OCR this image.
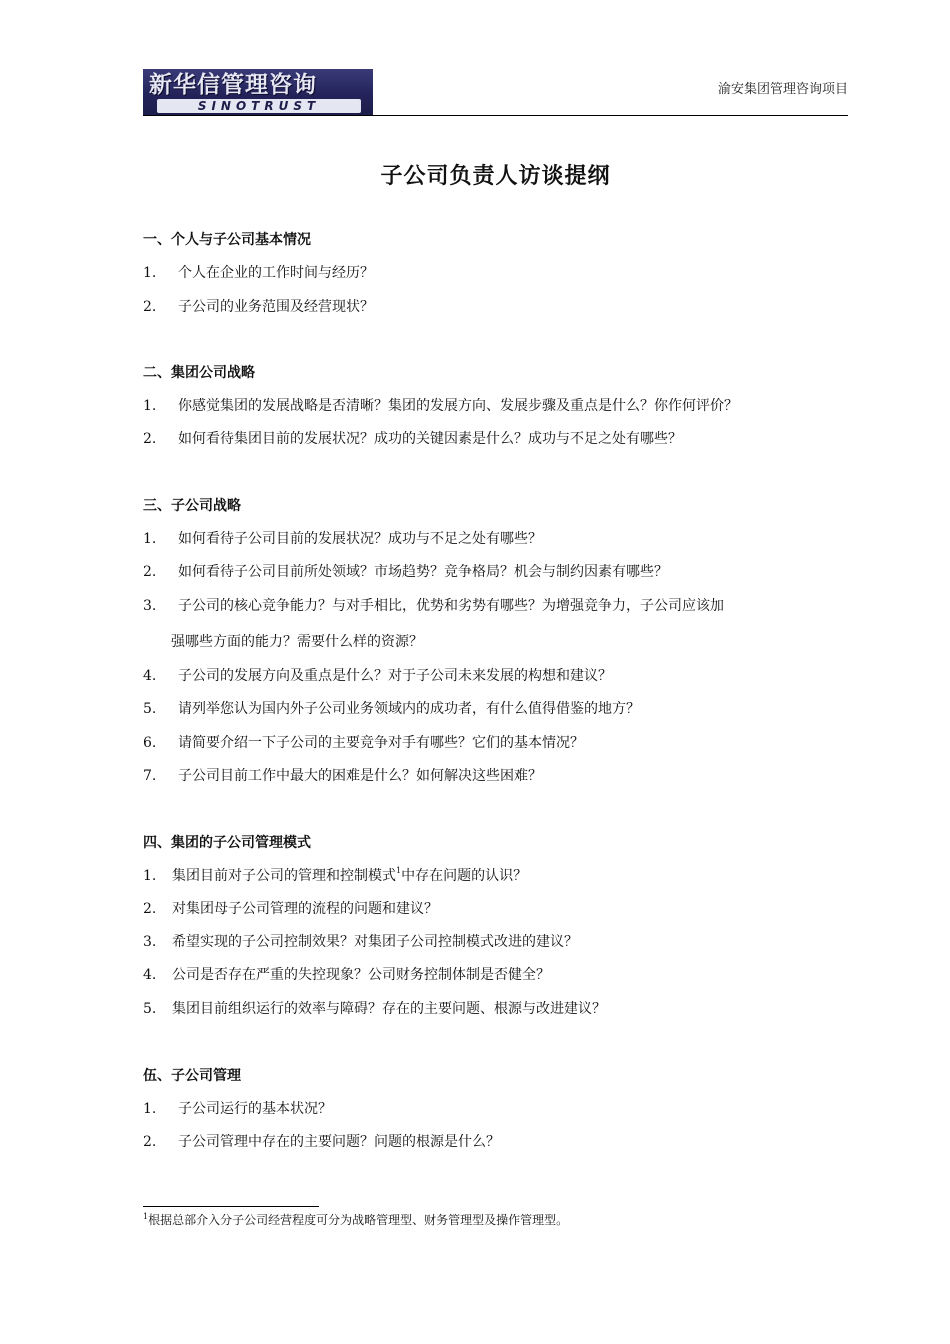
新华信管理咨询
SINOTRUST
渝安集团管理咨询项目
子公司负责人访谈提纲
一、个人与子公司基本情况
1. 个人在企业的工作时间与经历？
2. 子公司的业务范围及经营现状？
二、集团公司战略
1. 你感觉集团的发展战略是否清晰？集团的发展方向、发展步骤及重点是什么？你作何评价？
2. 如何看待集团目前的发展状况？成功的关键因素是什么？成功与不足之处有哪些？
三、子公司战略
1. 如何看待子公司目前的发展状况？成功与不足之处有哪些？
2. 如何看待子公司目前所处领域？市场趋势？竞争格局？机会与制约因素有哪些？
3. 子公司的核心竞争能力？与对手相比，优势和劣势有哪些？为增强竞争力，子公司应该加
强哪些方面的能力？需要什么样的资源？
4. 子公司的发展方向及重点是什么？对于子公司未来发展的构想和建议？
5. 请列举您认为国内外子公司业务领域内的成功者，有什么值得借鉴的地方？
6. 请简要介绍一下子公司的主要竞争对手有哪些？它们的基本情况？
7. 子公司目前工作中最大的困难是什么？如何解决这些困难？
四、集团的子公司管理模式
1. 集团目前对子公司的管理和控制模式$^1$中存在问题的认识？
2. 对集团母子公司管理的流程的问题和建议？
3. 希望实现的子公司控制效果？对集团子公司控制模式改进的建议？
4. 公司是否存在严重的失控现象？公司财务控制体制是否健全？
5. 集团目前组织运行的效率与障碍？存在的主要问题、根源与改进建议？
伍、子公司管理
1. 子公司运行的基本状况？
2. 子公司管理中存在的主要问题？问题的根源是什么？
$^1$根据总部介入分子公司经营程度可分为战略管理型、财务管理型及操作管理型。
